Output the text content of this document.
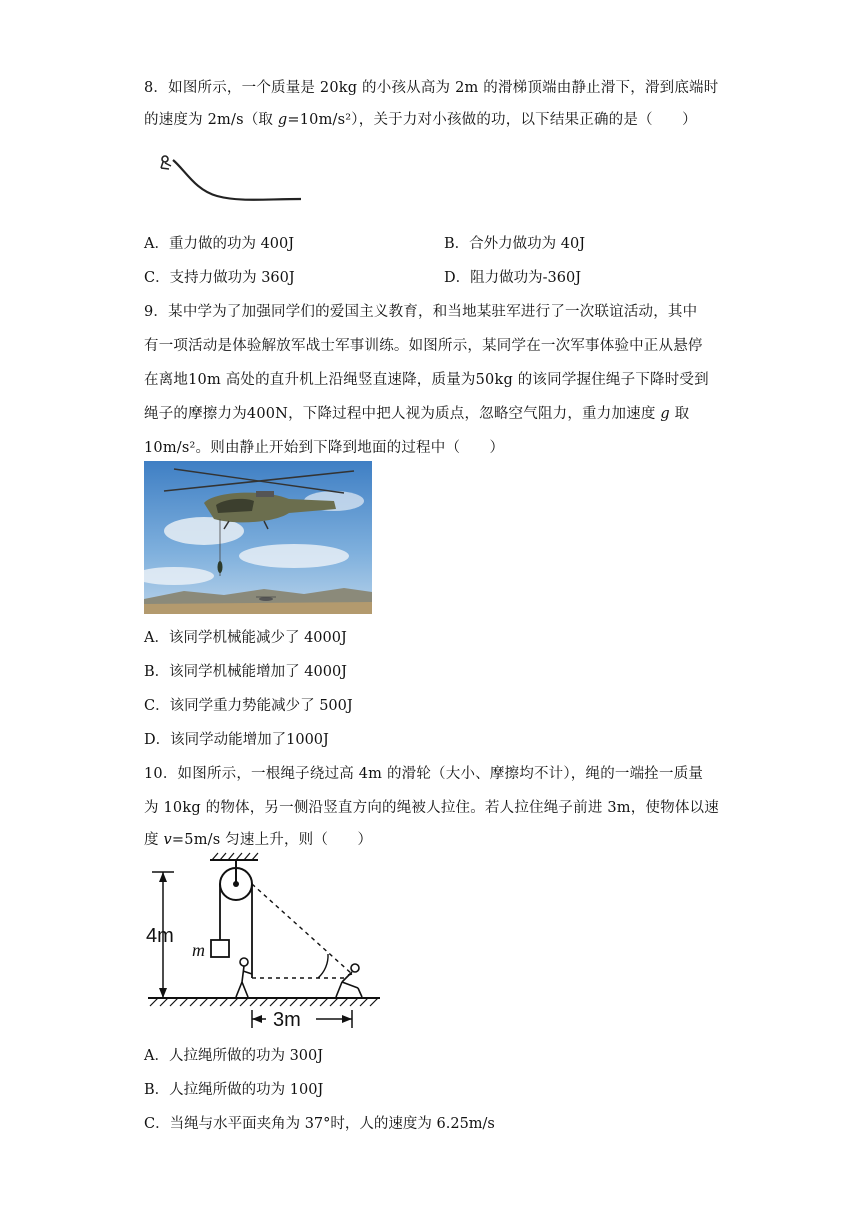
8．如图所示，一个质量是 20kg 的小孩从高为 2m 的滑梯顶端由静止滑下，滑到底端时
的速度为 2m/s（取 g=10m/s²），关于力对小孩做的功，以下结果正确的是（　　）
A．重力做的功为 400J	B．合外力做功为 40J
C．支持力做功为 360J	D．阻力做功为-360J
9．某中学为了加强同学们的爱国主义教育，和当地某驻军进行了一次联谊活动，其中
有一项活动是体验解放军战士军事训练。如图所示，某同学在一次军事体验中正从悬停
在离地10m 高处的直升机上沿绳竖直速降，质量为50kg 的该同学握住绳子下降时受到
绳子的摩擦力为400N，下降过程中把人视为质点，忽略空气阻力，重力加速度 g 取
10m/s²。则由静止开始到下降到地面的过程中（　　）
A．该同学机械能减少了 4000J
B．该同学机械能增加了 4000J
C．该同学重力势能减少了 500J
D．该同学动能增加了1000J
10．如图所示，一根绳子绕过高 4m 的滑轮（大小、摩擦均不计），绳的一端拴一质量
为 10kg 的物体，另一侧沿竖直方向的绳被人拉住。若人拉住绳子前进 3m，使物体以速
度 v=5m/s 匀速上升，则（　　）
4m
m
3m
A．人拉绳所做的功为 300J
B．人拉绳所做的功为 100J
C．当绳与水平面夹角为 37°时，人的速度为 6.25m/s
